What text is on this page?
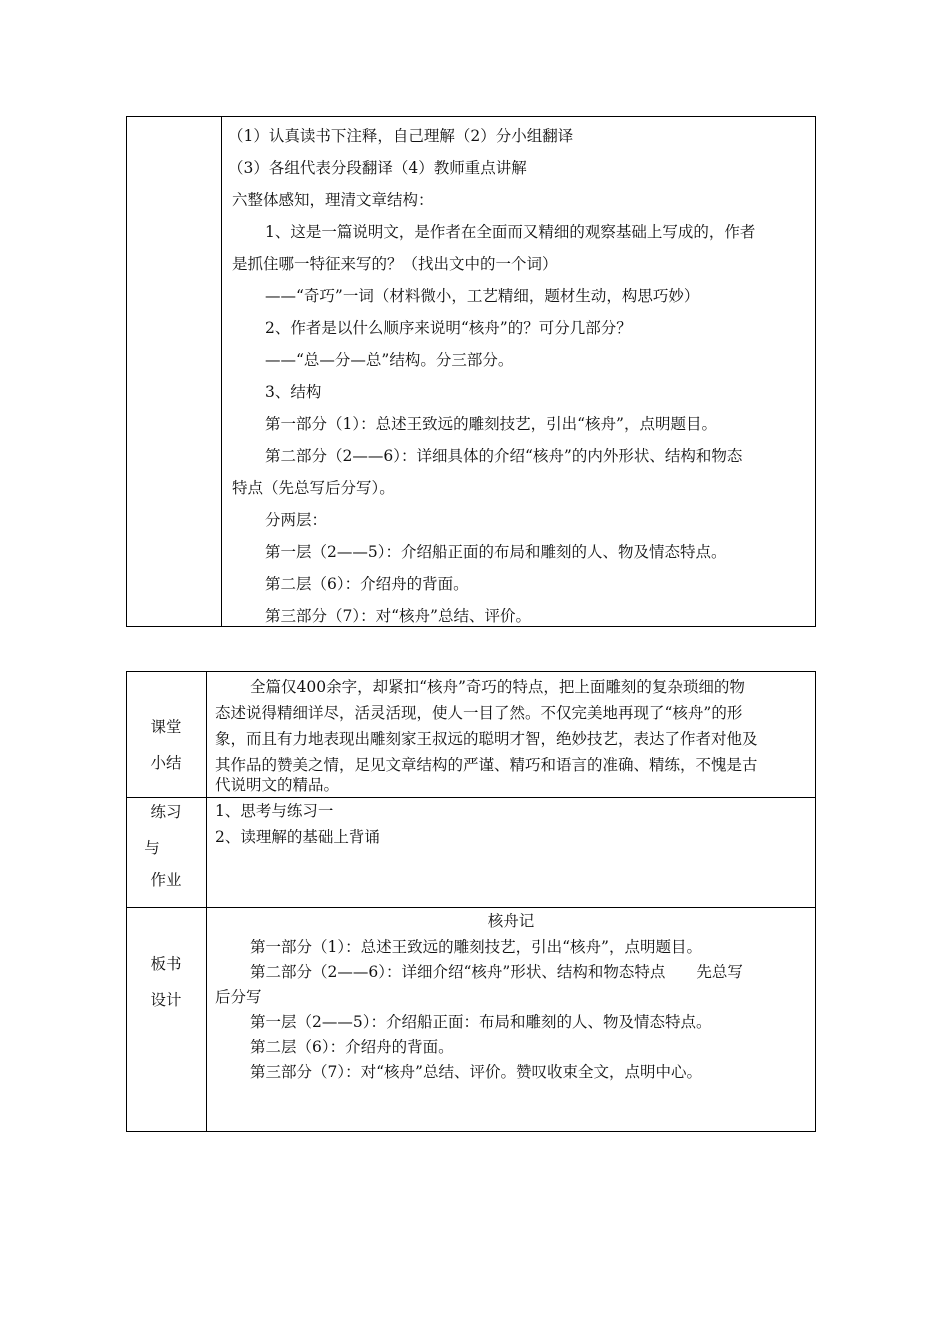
（1）认真读书下注释，自己理解（2）分小组翻译
（3）各组代表分段翻译（4）教师重点讲解
六整体感知，理清文章结构：
1、这是一篇说明文，是作者在全面而又精细的观察基础上写成的，作者
是抓住哪一特征来写的？（找出文中的一个词）
——“奇巧”一词（材料微小，工艺精细，题材生动，构思巧妙）
2、作者是以什么顺序来说明“核舟”的？可分几部分？
——“总—分—总”结构。分三部分。
3、结构
第一部分（1）：总述王致远的雕刻技艺，引出“核舟”，点明题目。
第二部分（2——6）：详细具体的介绍“核舟”的内外形状、结构和物态
特点（先总写后分写）。
分两层：
第一层（2——5）：介绍船正面的布局和雕刻的人、物及情态特点。
第二层（6）：介绍舟的背面。
第三部分（7）：对“核舟”总结、评价。
课堂
小结
全篇仅400余字，却紧扣“核舟”奇巧的特点，把上面雕刻的复杂琐细的物
态述说得精细详尽，活灵活现，使人一目了然。不仅完美地再现了“核舟”的形
象，而且有力地表现出雕刻家王叔远的聪明才智，绝妙技艺，表达了作者对他及
其作品的赞美之情，足见文章结构的严谨、精巧和语言的准确、精练，不愧是古
代说明文的精品。
练习
与
作业
1、思考与练习一
2、读理解的基础上背诵
板书
设计
核舟记
第一部分（1）：总述王致远的雕刻技艺，引出“核舟”，点明题目。
第二部分（2——6）：详细介绍“核舟”形状、结构和物态特点　　先总写
后分写
第一层（2——5）：介绍船正面：布局和雕刻的人、物及情态特点。
第二层（6）：介绍舟的背面。
第三部分（7）：对“核舟”总结、评价。赞叹收束全文，点明中心。
